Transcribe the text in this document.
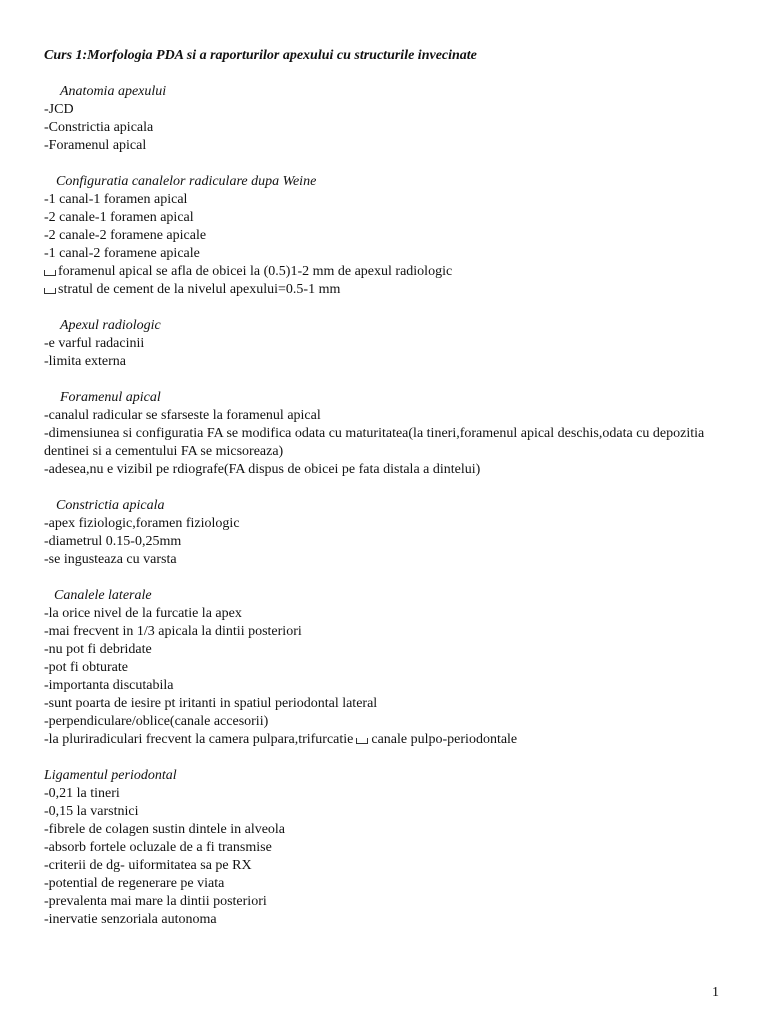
Curs 1:Morfologia PDA si a raporturilor apexului cu structurile invecinate
Anatomia apexului
-JCD
-Constrictia apicala
-Foramenul apical
Configuratia canalelor radiculare dupa Weine
-1 canal-1 foramen apical
-2 canale-1 foramen apical
-2 canale-2 foramene apicale
-1 canal-2 foramene apicale
foramenul apical se afla de obicei la (0.5)1-2 mm de apexul radiologic
stratul de cement de la nivelul apexului=0.5-1 mm
Apexul radiologic
-e varful radacinii
-limita externa
Foramenul apical
-canalul radicular se sfarseste la foramenul apical
-dimensiunea si configuratia FA se modifica odata cu maturitatea(la tineri,foramenul apical deschis,odata cu depozitia dentinei si a cementului FA se micsoreaza)
-adesea,nu e vizibil pe rdiografe(FA dispus de obicei pe fata distala a dintelui)
Constrictia apicala
-apex fiziologic,foramen fiziologic
-diametrul 0.15-0,25mm
-se ingusteaza cu varsta
Canalele laterale
-la orice nivel de la furcatie la apex
-mai frecvent in 1/3 apicala la dintii posteriori
-nu pot fi debridate
-pot fi obturate
-importanta discutabila
-sunt poarta de iesire pt iritanti in spatiul periodontal lateral
-perpendiculare/oblice(canale accesorii)
-la pluriradiculari frecvent la camera pulpara,trifurcatie canale pulpo-periodontale
Ligamentul periodontal
-0,21 la tineri
-0,15 la varstnici
-fibrele de colagen sustin dintele in alveola
-absorb fortele ocluzale de a fi transmise
-criterii de dg- uiformitatea sa pe RX
-potential de regenerare pe viata
-prevalenta mai mare la dintii posteriori
-inervatie senzoriala autonoma
1
